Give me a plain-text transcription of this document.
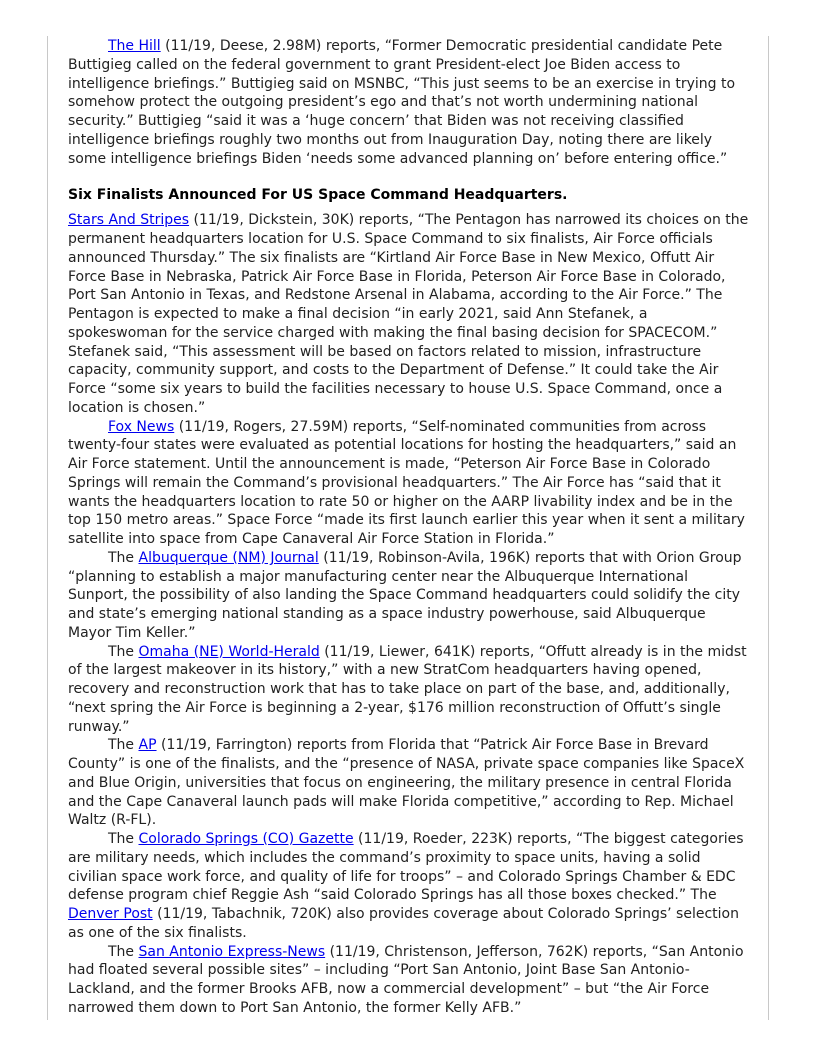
The Hill (11/19, Deese, 2.98M) reports, “Former Democratic presidential candidate Pete Buttigieg called on the federal government to grant President-elect Joe Biden access to intelligence briefings.” Buttigieg said on MSNBC, “This just seems to be an exercise in trying to somehow protect the outgoing president’s ego and that’s not worth undermining national security.” Buttigieg “said it was a ‘huge concern’ that Biden was not receiving classified intelligence briefings roughly two months out from Inauguration Day, noting there are likely some intelligence briefings Biden ‘needs some advanced planning on’ before entering office.”

Six Finalists Announced For US Space Command Headquarters.

Stars And Stripes (11/19, Dickstein, 30K) reports, “The Pentagon has narrowed its choices on the permanent headquarters location for U.S. Space Command to six finalists, Air Force officials announced Thursday.” The six finalists are “Kirtland Air Force Base in New Mexico, Offutt Air Force Base in Nebraska, Patrick Air Force Base in Florida, Peterson Air Force Base in Colorado, Port San Antonio in Texas, and Redstone Arsenal in Alabama, according to the Air Force.” The Pentagon is expected to make a final decision “in early 2021, said Ann Stefanek, a spokeswoman for the service charged with making the final basing decision for SPACECOM.” Stefanek said, “This assessment will be based on factors related to mission, infrastructure capacity, community support, and costs to the Department of Defense.” It could take the Air Force “some six years to build the facilities necessary to house U.S. Space Command, once a location is chosen.”

Fox News (11/19, Rogers, 27.59M) reports, “Self-nominated communities from across twenty-four states were evaluated as potential locations for hosting the headquarters,” said an Air Force statement. Until the announcement is made, “Peterson Air Force Base in Colorado Springs will remain the Command’s provisional headquarters.” The Air Force has “said that it wants the headquarters location to rate 50 or higher on the AARP livability index and be in the top 150 metro areas.” Space Force “made its first launch earlier this year when it sent a military satellite into space from Cape Canaveral Air Force Station in Florida.”

The Albuquerque (NM) Journal (11/19, Robinson-Avila, 196K) reports that with Orion Group “planning to establish a major manufacturing center near the Albuquerque International Sunport, the possibility of also landing the Space Command headquarters could solidify the city and state’s emerging national standing as a space industry powerhouse, said Albuquerque Mayor Tim Keller.”

The Omaha (NE) World-Herald (11/19, Liewer, 641K) reports, “Offutt already is in the midst of the largest makeover in its history,” with a new StratCom headquarters having opened, recovery and reconstruction work that has to take place on part of the base, and, additionally, “next spring the Air Force is beginning a 2-year, $176 million reconstruction of Offutt’s single runway.”

The AP (11/19, Farrington) reports from Florida that “Patrick Air Force Base in Brevard County” is one of the finalists, and the “presence of NASA, private space companies like SpaceX and Blue Origin, universities that focus on engineering, the military presence in central Florida and the Cape Canaveral launch pads will make Florida competitive,” according to Rep. Michael Waltz (R-FL).

The Colorado Springs (CO) Gazette (11/19, Roeder, 223K) reports, “The biggest categories are military needs, which includes the command’s proximity to space units, having a solid civilian space work force, and quality of life for troops” – and Colorado Springs Chamber & EDC defense program chief Reggie Ash “said Colorado Springs has all those boxes checked.” The Denver Post (11/19, Tabachnik, 720K) also provides coverage about Colorado Springs’ selection as one of the six finalists.

The San Antonio Express-News (11/19, Christenson, Jefferson, 762K) reports, “San Antonio had floated several possible sites” – including “Port San Antonio, Joint Base San Antonio-Lackland, and the former Brooks AFB, now a commercial development” – but “the Air Force narrowed them down to Port San Antonio, the former Kelly AFB.”
